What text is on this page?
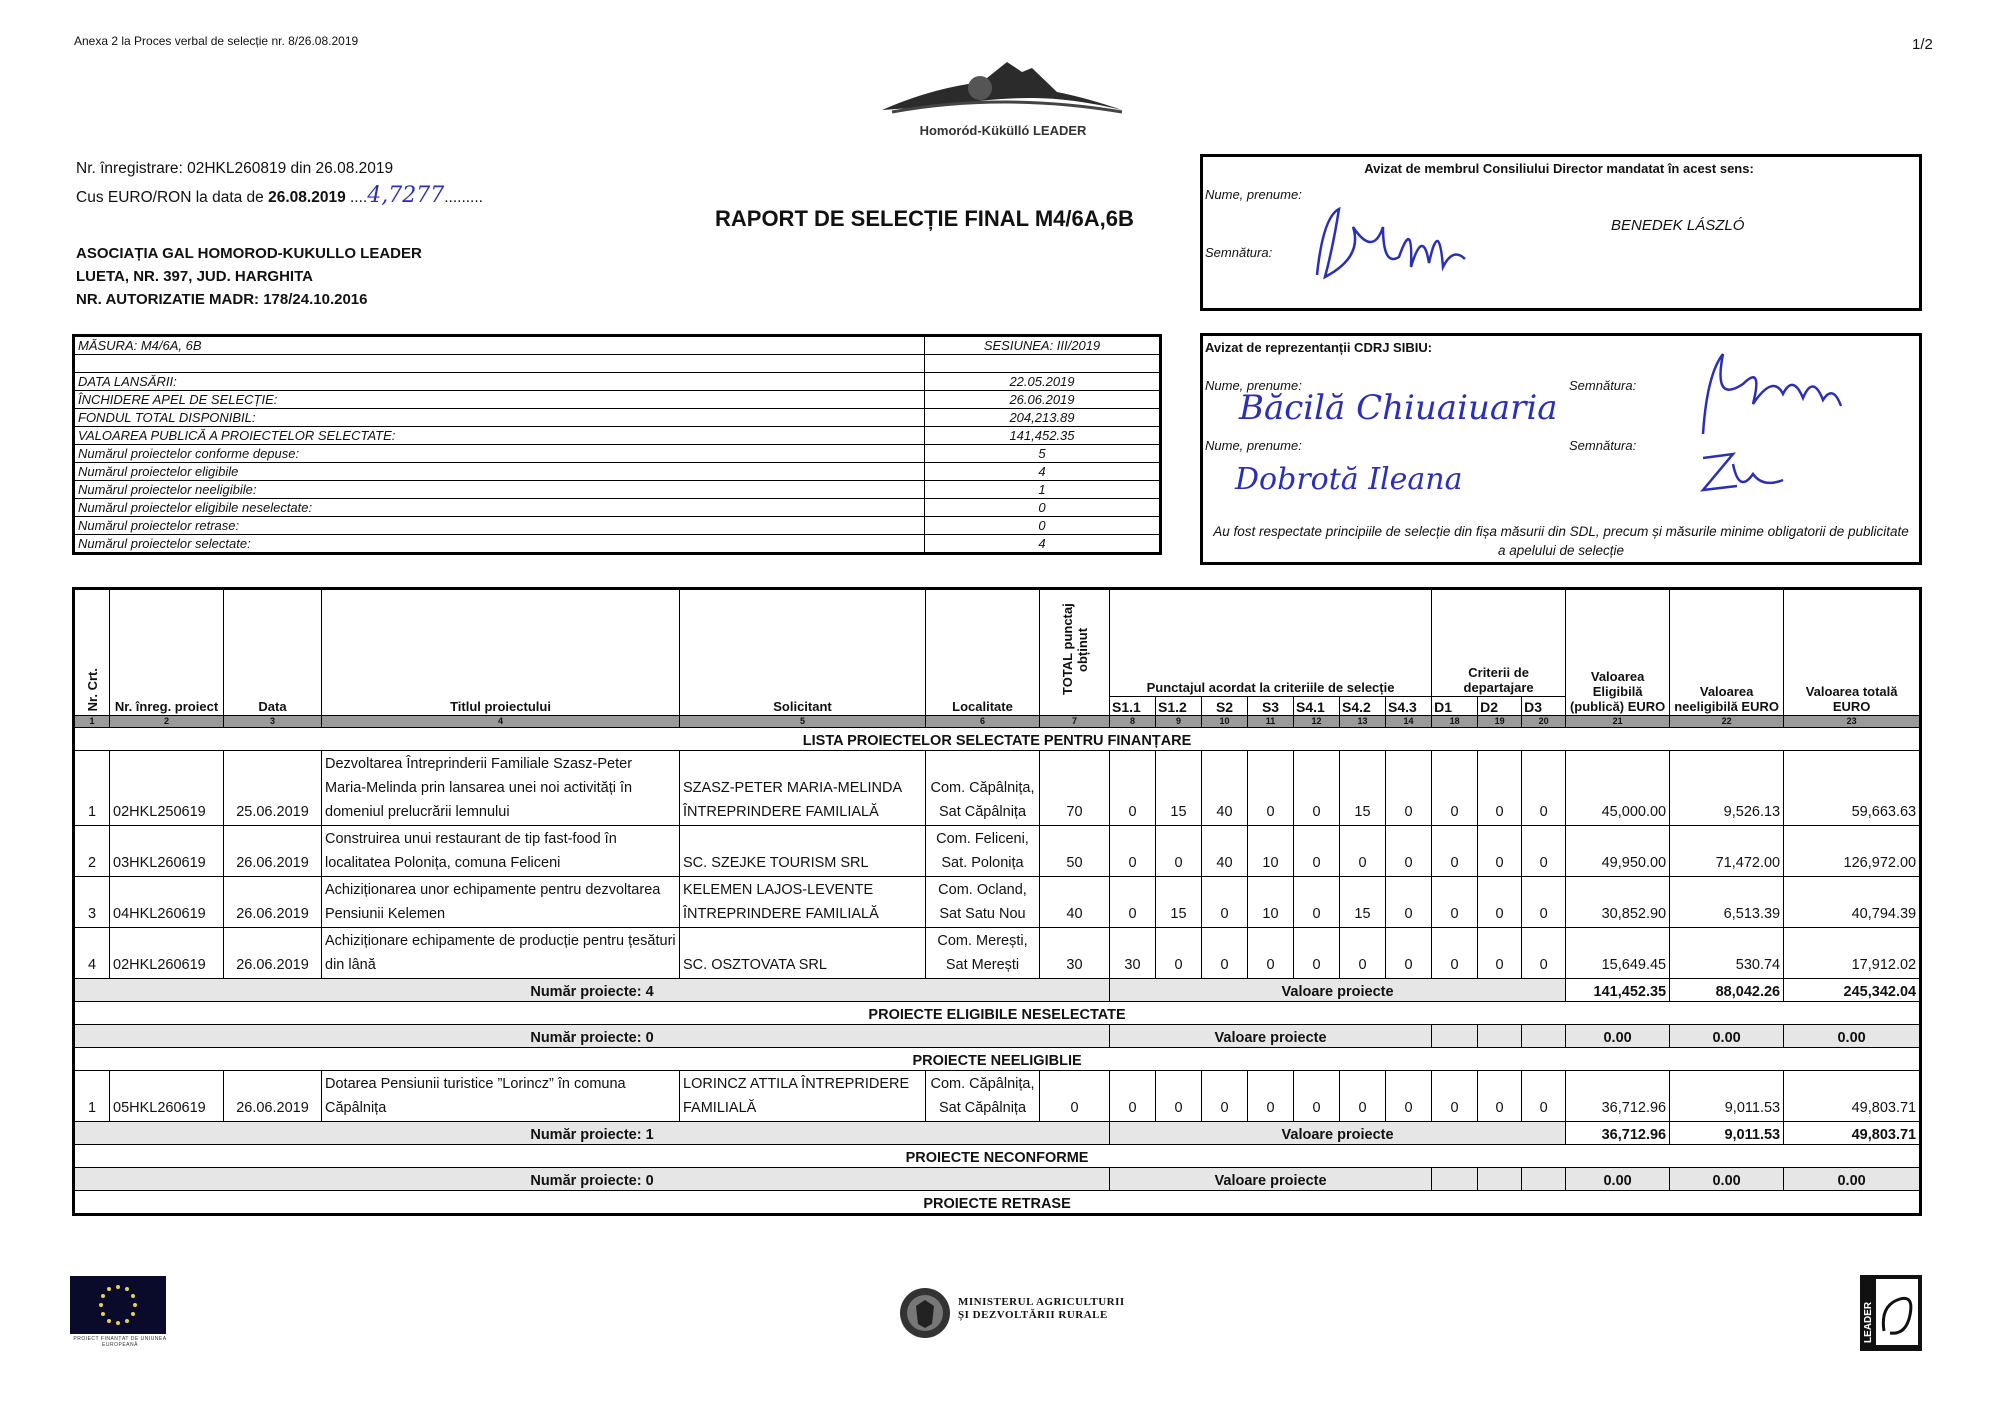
Anexa 2 la Proces verbal de selecție nr. 8/26.08.2019	1/2
Homoród-Kükülló LEADER
Nr. înregistrare: 02HKL260819 din 26.08.2019
Cus EURO/RON la data de 26.08.2019 ....4,7277.........
ASOCIAȚIA GAL HOMOROD-KUKULLO LEADER
LUETA, NR. 397, JUD. HARGHITA
NR. AUTORIZATIE MADR: 178/24.10.2016
RAPORT DE SELECȚIE FINAL M4/6A,6B
Avizat de membrul Consiliului Director mandatat în acest sens:
Nume, prenume:
BENEDEK LÁSZLÓ
Semnătura:
Avizat de reprezentanții CDRJ SIBIU:
Nume, prenume:
Băcilă Chiuaiuaria
Semnătura:
Nume, prenume:
Dobrotă Ileana
Semnătura:
Au fost respectate principiile de selecție din fișa măsurii din SDL, precum și măsurile minime obligatorii de publicitate a apelului de selecție
MĂSURA: M4/6A, 6B	SESIUNEA: III/2019

DATA LANSĂRII:	22.05.2019
ÎNCHIDERE APEL DE SELECȚIE:	26.06.2019
FONDUL TOTAL DISPONIBIL:	204,213.89
VALOAREA PUBLICĂ A PROIECTELOR SELECTATE:	141,452.35
Numărul proiectelor conforme depuse:	5
Numărul proiectelor eligibile	4
Numărul proiectelor neeligibile:	1
Numărul proiectelor eligibile neselectate:	0
Numărul proiectelor retrase:	0
Numărul proiectelor selectate:	4
Nr. Crt.	Nr. înreg. proiect	Data	Titlul proiectului	Solicitant	Localitate	TOTAL punctaj obținut	Punctajul acordat la criteriile de selecție							Criterii de departajare			Valoarea Eligibilă (publică) EURO	Valoarea neeligibilă EURO	Valoarea totală EURO
							S1.1	S1.2	S2	S3	S4.1	S4.2	S4.3	D1	D2	D3			
1	2	3	4	5	6	7	8	9	10	11	12	13	14	18	19	20	21	22	23
LISTA PROIECTELOR SELECTATE PENTRU FINANȚARE																			
1	02HKL250619	25.06.2019	Dezvoltarea Întreprinderii Familiale Szasz-Peter Maria-Melinda prin lansarea unei noi activități în domeniul prelucrării lemnului	SZASZ-PETER MARIA-MELINDA ÎNTREPRINDERE FAMILIALĂ	Com. Căpâlnița, Sat Căpâlnița	70	0	15	40	0	0	15	0	0	0	0	45,000.00	9,526.13	59,663.63
2	03HKL260619	26.06.2019	Construirea unui restaurant de tip fast-food în localitatea Polonița, comuna Feliceni	SC. SZEJKE TOURISM SRL	Com. Feliceni, Sat. Polonița	50	0	0	40	10	0	0	0	0	0	0	49,950.00	71,472.00	126,972.00
3	04HKL260619	26.06.2019	Achiziționarea unor echipamente pentru dezvoltarea Pensiunii Kelemen	KELEMEN LAJOS-LEVENTE ÎNTREPRINDERE FAMILIALĂ	Com. Ocland, Sat Satu Nou	40	0	15	0	10	0	15	0	0	0	0	30,852.90	6,513.39	40,794.39
4	02HKL260619	26.06.2019	Achiziționare echipamente de producție pentru țesături din lână	SC. OSZTOVATA SRL	Com. Merești, Sat Merești	30	30	0	0	0	0	0	0	0	0	0	15,649.45	530.74	17,912.02
Număr proiecte: 4							Valoare proiecte										141,452.35	88,042.26	245,342.04
PROIECTE ELIGIBILE NESELECTATE																			
Număr proiecte: 0							Valoare proiecte										0.00	0.00	0.00
PROIECTE NEELIGIBLIE																			
1	05HKL260619	26.06.2019	Dotarea Pensiunii turistice ”Lorincz” în comuna Căpâlnița	LORINCZ ATTILA ÎNTREPRIDERE FAMILIALĂ	Com. Căpâlnița, Sat Căpâlnița	0	0	0	0	0	0	0	0	0	0	0	36,712.96	9,011.53	49,803.71
Număr proiecte: 1							Valoare proiecte										36,712.96	9,011.53	49,803.71
PROIECTE NECONFORME																			
Număr proiecte: 0							Valoare proiecte										0.00	0.00	0.00
PROIECTE RETRASE																			
PROIECT FINANȚAT DE UNIUNEA EUROPEANĂ
MINISTERUL AGRICULTURII
ȘI DEZVOLTĂRII RURALE	LEADER
